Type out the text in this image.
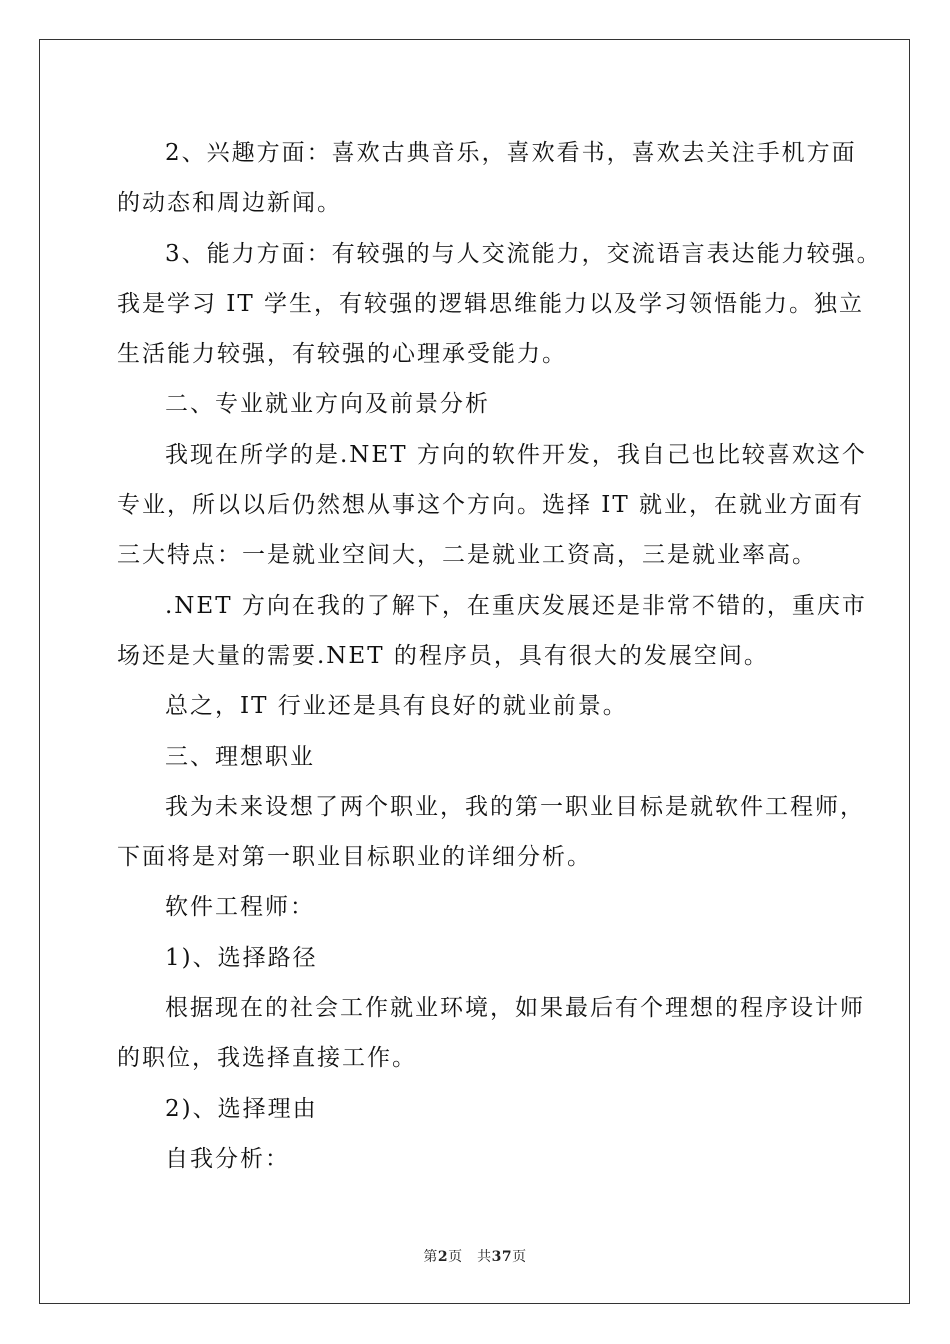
2、兴趣方面：喜欢古典音乐，喜欢看书，喜欢去关注手机方面
的动态和周边新闻。
3、能力方面：有较强的与人交流能力，交流语言表达能力较强。
我是学习 IT 学生，有较强的逻辑思维能力以及学习领悟能力。独立
生活能力较强，有较强的心理承受能力。
二、专业就业方向及前景分析
我现在所学的是.NET 方向的软件开发，我自己也比较喜欢这个
专业，所以以后仍然想从事这个方向。选择 IT 就业，在就业方面有
三大特点：一是就业空间大，二是就业工资高，三是就业率高。
.NET 方向在我的了解下，在重庆发展还是非常不错的，重庆市
场还是大量的需要.NET 的程序员，具有很大的发展空间。
总之，IT 行业还是具有良好的就业前景。
三、理想职业
我为未来设想了两个职业，我的第一职业目标是就软件工程师，
下面将是对第一职业目标职业的详细分析。
软件工程师：
1)、选择路径
根据现在的社会工作就业环境，如果最后有个理想的程序设计师
的职位，我选择直接工作。
2)、选择理由
自我分析：
第2页　共37页
